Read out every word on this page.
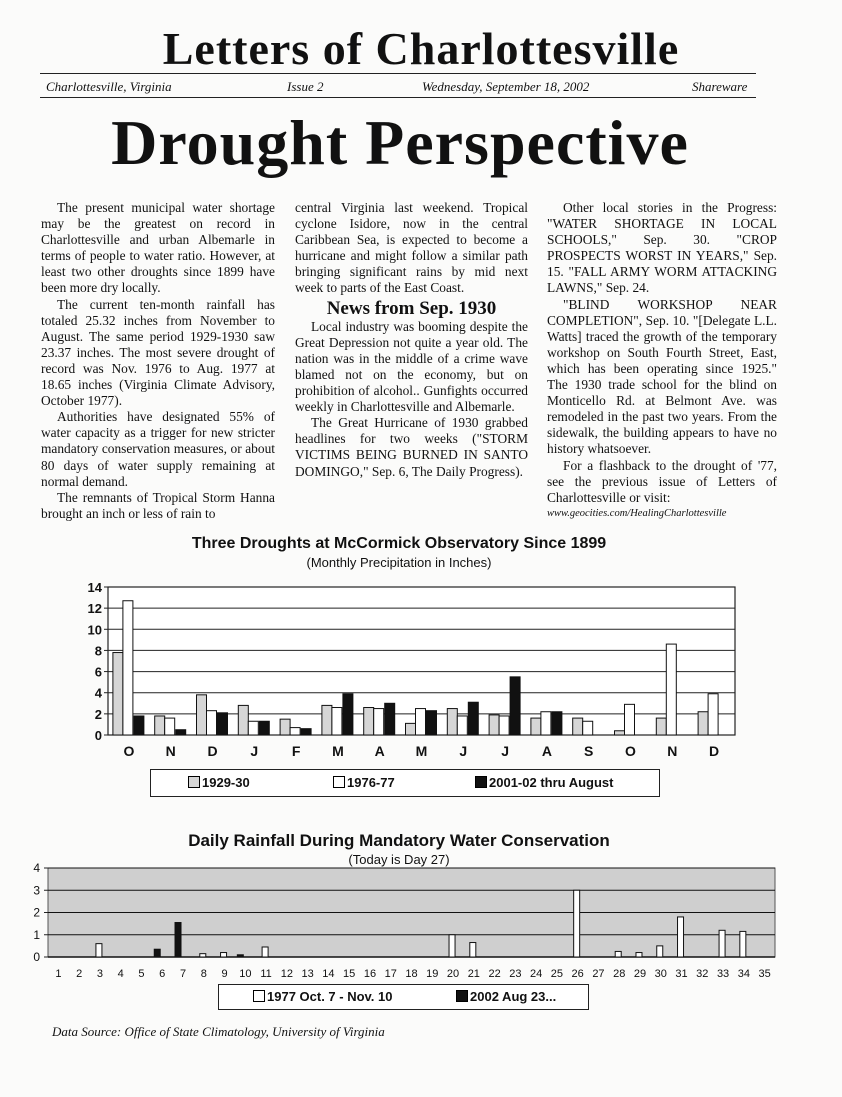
Letters of Charlottesville
Charlottesville, Virginia	Issue 2	Wednesday, September 18, 2002	Shareware
Drought Perspective

The present municipal water shortage may be the greatest on record in Charlottesville and urban Albemarle in terms of people to water ratio. However, at least two other droughts since 1899 have been more dry locally.

The current ten-month rainfall has totaled 25.32 inches from November to August. The same period 1929-1930 saw 23.37 inches. The most severe drought of record was Nov. 1976 to Aug. 1977 at 18.65 inches (Virginia Climate Advisory, October 1977).

Authorities have designated 55% of water capacity as a trigger for new stricter mandatory conservation measures, or about 80 days of water supply remaining at normal demand.

The remnants of Tropical Storm Hanna brought an inch or less of rain to

central Virginia last weekend. Tropical cyclone Isidore, now in the central Caribbean Sea, is expected to become a hurricane and might follow a similar path bringing significant rains by mid next week to parts of the East Coast.

News from Sep. 1930

Local industry was booming despite the Great Depression not quite a year old. The nation was in the middle of a crime wave blamed not on the economy, but on prohibition of alcohol.. Gunfights occurred weekly in Charlottesville and Albemarle.

The Great Hurricane of 1930 grabbed headlines for two weeks ("STORM VICTIMS BEING BURNED IN SANTO DOMINGO," Sep. 6, The Daily Progress).

Other local stories in the Progress: "WATER SHORTAGE IN LOCAL SCHOOLS," Sep. 30. "CROP PROSPECTS WORST IN YEARS," Sep. 15. "FALL ARMY WORM ATTACKING LAWNS," Sep. 24.

"BLIND WORKSHOP NEAR COMPLETION", Sep. 10. "[Delegate L.L. Watts] traced the growth of the temporary workshop on South Fourth Street, East, which has been operating since 1925." The 1930 trade school for the blind on Monticello Rd. at Belmont Ave. was remodeled in the past two years. From the sidewalk, the building appears to have no history whatsoever.

For a flashback to the drought of '77, see the previous issue of Letters of Charlottesville or visit:

www.geocities.com/HealingCharlottesville
Three Droughts at McCormick Observatory Since 1899
(Monthly Precipitation in Inches)
1929-30	1976-77	2001-02 thru August
Daily Rainfall During Mandatory Water Conservation
(Today is Day 27)
1977 Oct. 7 - Nov. 10	2002 Aug 23...
0
2
4
6
8
10
12
14
O N D J F M A M J J A S O N D
0
1
2
3
4
1 2 3 4 5 6 7 8 9 10 11 12 13 14 15 16 17 18 19 20 21 22 23 24 25 26 27 28 29 30 31 32 33 34 35
Data Source: Office of State Climatology, University of Virginia
